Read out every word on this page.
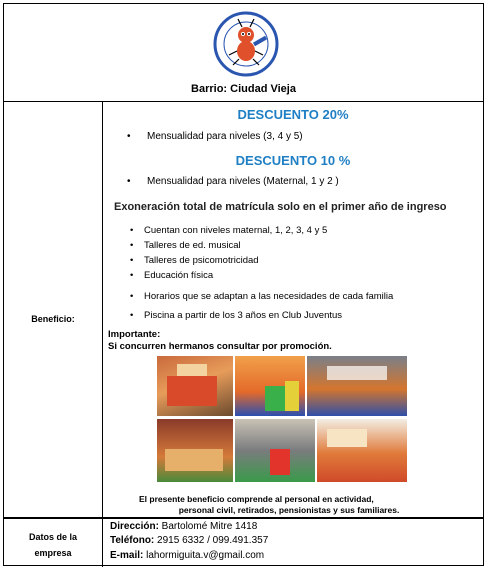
Barrio: Ciudad Vieja
Beneficio:
DESCUENTO 20%
• Mensualidad para niveles (3, 4 y 5)
DESCUENTO 10 %
• Mensualidad para niveles (Maternal, 1 y 2 )
Exoneración total de matrícula solo en el primer año de ingreso
• Cuentan con niveles maternal, 1, 2, 3, 4 y 5
• Talleres de ed. musical
• Talleres de psicomotricidad
• Educación física
• Horarios que se adaptan a las necesidades de cada familia
• Piscina a partir de los 3 años en Club Juventus
Importante:
Si concurren hermanos consultar por promoción.
El presente beneficio comprende al personal en actividad,
personal civil, retirados, pensionistas y sus familiares.
Datos de la
empresa
Dirección: Bartolomé Mitre 1418
Teléfono: 2915 6332 / 099.491.357
E-mail: lahormiguita.v@gmail.com
